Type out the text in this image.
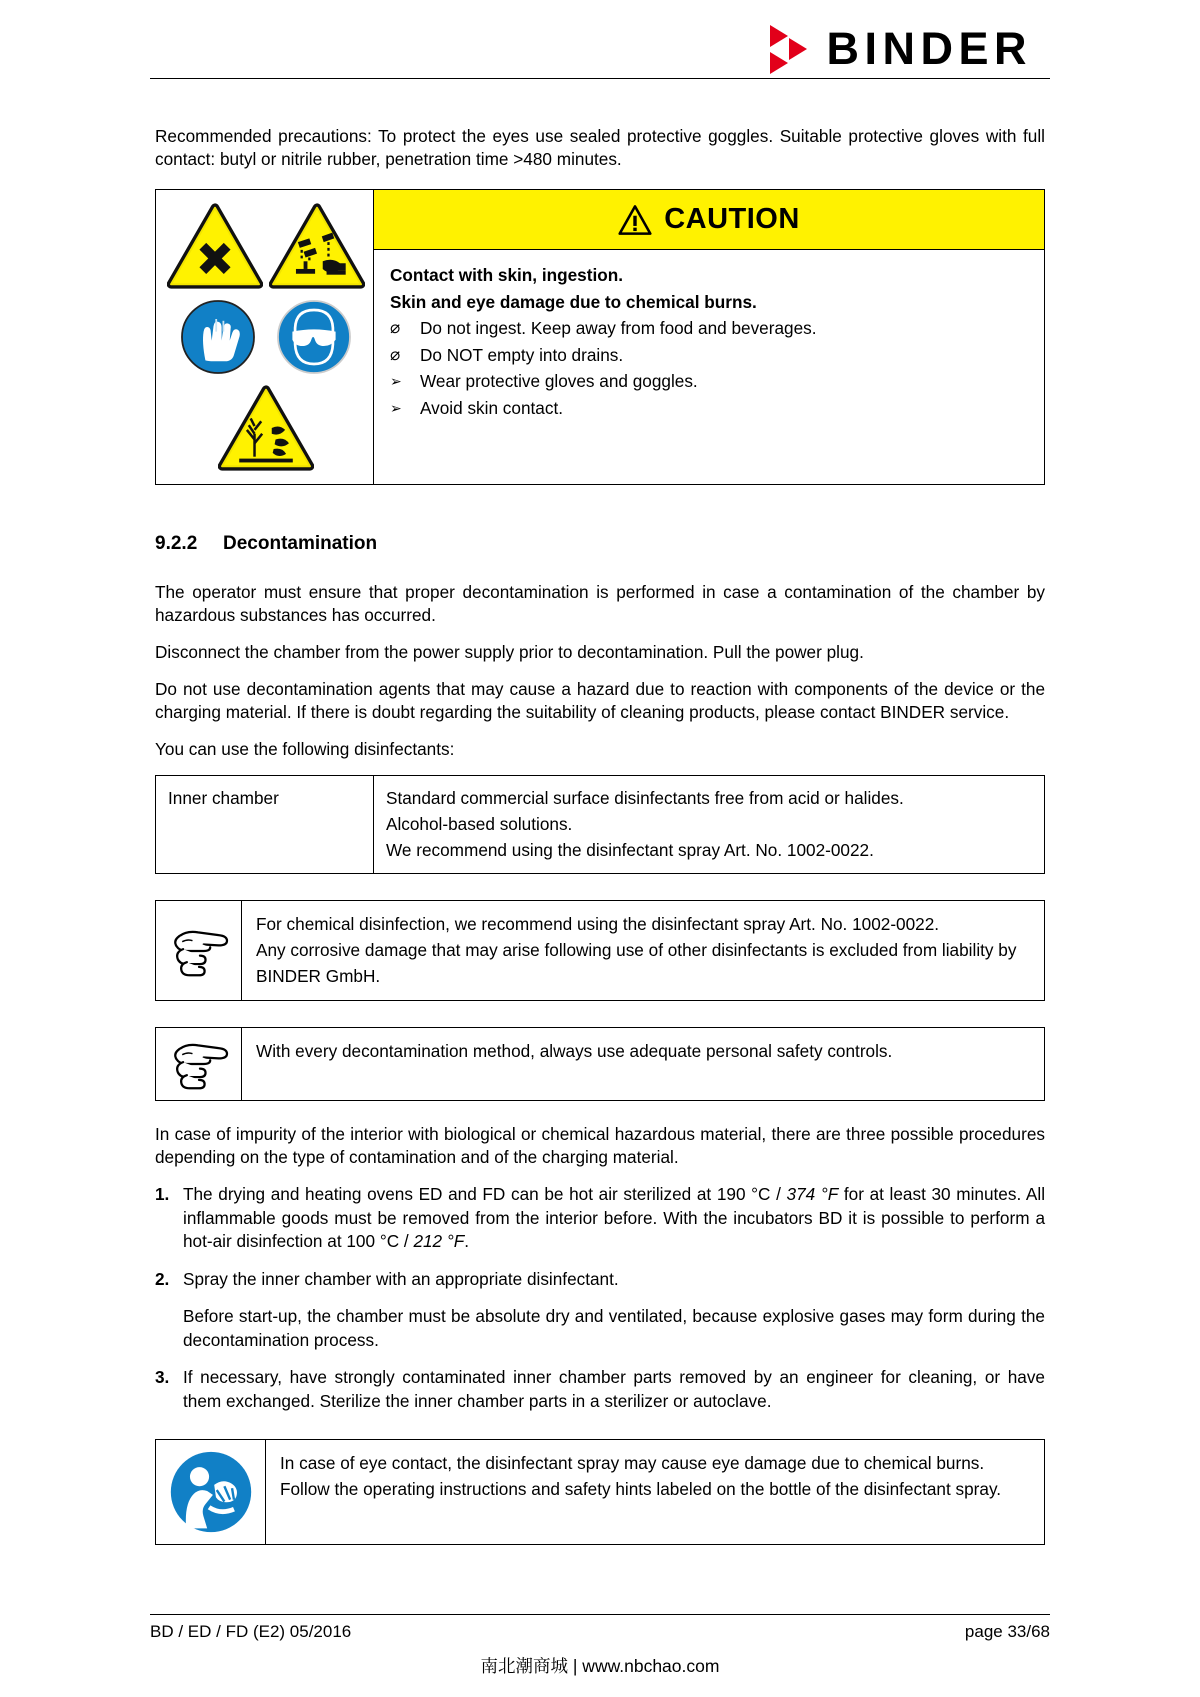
BINDER

Recommended precautions: To protect the eyes use sealed protective goggles. Suitable protective gloves with full contact: butyl or nitrile rubber, penetration time >480 minutes.

CAUTION
Contact with skin, ingestion.
Skin and eye damage due to chemical burns.
⌀	Do not ingest. Keep away from food and beverages.
⌀	Do NOT empty into drains.
➢	Wear protective gloves and goggles.
➢	Avoid skin contact.
9.2.2	Decontamination

The operator must ensure that proper decontamination is performed in case a contamination of the chamber by hazardous substances has occurred.

Disconnect the chamber from the power supply prior to decontamination. Pull the power plug.

Do not use decontamination agents that may cause a hazard due to reaction with components of the device or the charging material. If there is doubt regarding the suitability of cleaning products, please contact BINDER service.

You can use the following disinfectants:

Inner chamber	Standard commercial surface disinfectants free from acid or halides.
Alcohol-based solutions.
We recommend using the disinfectant spray Art. No. 1002-0022.
For chemical disinfection, we recommend using the disinfectant spray Art. No. 1002-0022.
Any corrosive damage that may arise following use of other disinfectants is excluded from liability by BINDER GmbH.
With every decontamination method, always use adequate personal safety controls.

In case of impurity of the interior with biological or chemical hazardous material, there are three possible procedures depending on the type of contamination and of the charging material.

1. The drying and heating ovens ED and FD can be hot air sterilized at 190 °C / 374 °F for at least 30 minutes. All inflammable goods must be removed from the interior before. With the incubators BD it is possible to perform a hot-air disinfection at 100 °C / 212 °F.
2. Spray the inner chamber with an appropriate disinfectant.
Before start-up, the chamber must be absolute dry and ventilated, because explosive gases may form during the decontamination process.
3. If necessary, have strongly contaminated inner chamber parts removed by an engineer for cleaning, or have them exchanged. Sterilize the inner chamber parts in a sterilizer or autoclave.
In case of eye contact, the disinfectant spray may cause eye damage due to chemical burns. Follow the operating instructions and safety hints labeled on the bottle of the disinfectant spray.
BD / ED / FD (E2) 05/2016	page 33/68
南北潮商城 | www.nbchao.com
